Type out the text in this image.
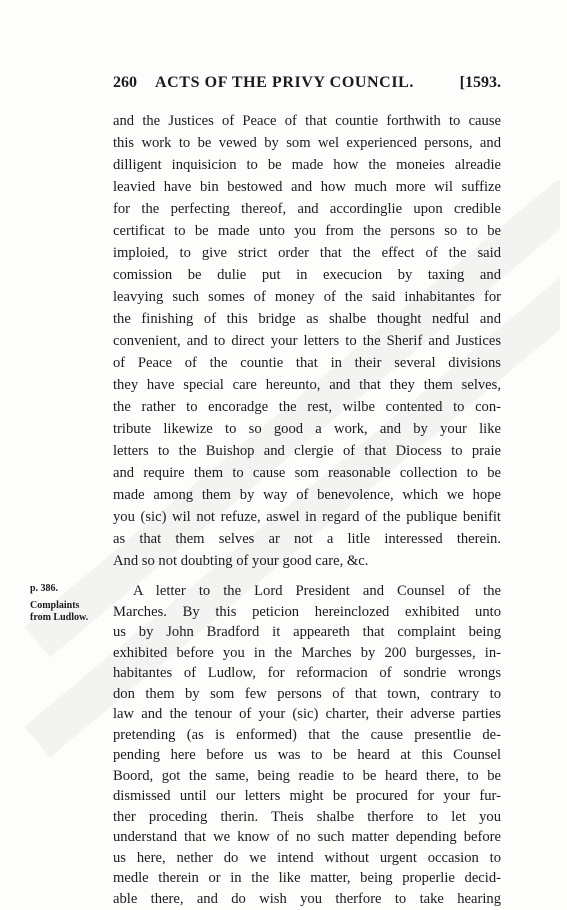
260 ACTS OF THE PRIVY COUNCIL.	[1593.
and the Justices of Peace of that countie forthwith to cause
this work to be vewed by som wel experienced persons, and
dilligent inquisicion to be made how the moneies alreadie
leavied have bin bestowed and how much more wil suffize
for the perfecting thereof, and accordinglie upon credible
certificat to be made unto you from the persons so to be
imploied, to give strict order that the effect of the said
comission be dulie put in execucion by taxing and
leavying such somes of money of the said inhabitantes for
the finishing of this bridge as shalbe thought nedful and
convenient, and to direct your letters to the Sherif and Justices
of Peace of the countie that in their several divisions
they have special care hereunto, and that they them selves,
the rather to encoradge the rest, wilbe contented to con-
tribute likewize to so good a work, and by your like
letters to the Buishop and clergie of that Diocess to praie
and require them to cause som reasonable collection to be
made among them by way of benevolence, which we hope
you (sic) wil not refuze, aswel in regard of the publique benifit
as that them selves ar not a litle interessed therein.
And so not doubting of your good care, &c.
p. 386.
Complaints
from Ludlow.
A letter to the Lord President and Counsel of the
Marches. By this peticion hereinclozed exhibited unto
us by John Bradford it appeareth that complaint being
exhibited before you in the Marches by 200 burgesses, in-
habitantes of Ludlow, for reformacion of sondrie wrongs
don them by som few persons of that town, contrary to
law and the tenour of your (sic) charter, their adverse parties
pretending (as is enformed) that the cause presentlie de-
pending here before us was to be heard at this Counsel
Boord, got the same, being readie to be heard there, to be
dismissed until our letters might be procured for your fur-
ther proceding therin. Theis shalbe therfore to let you
understand that we know of no such matter depending before
us here, nether do we intend without urgent occasion to
medle therein or in the like matter, being properlie decid-
able there, and do wish you therfore to take hearing
